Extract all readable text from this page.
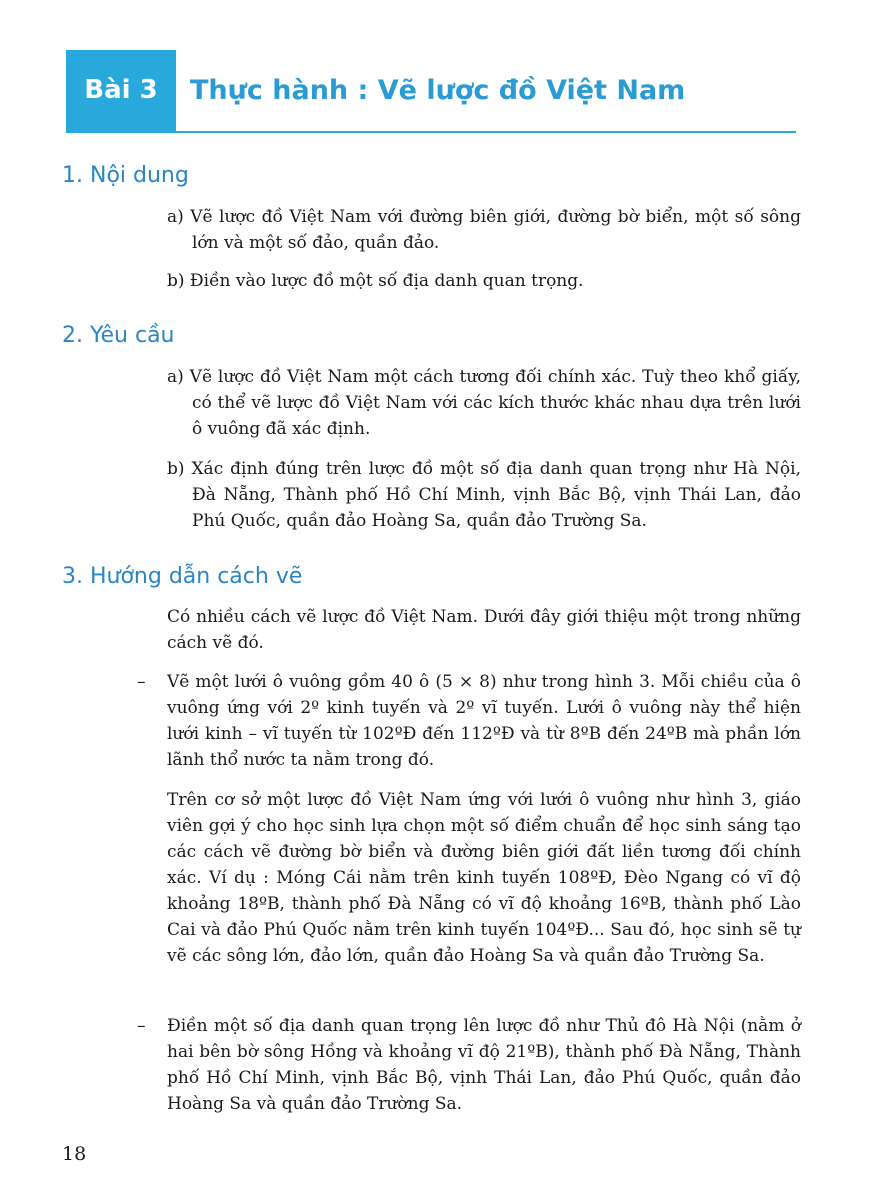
Bài 3	Thực hành : Vẽ lược đồ Việt Nam
1. Nội dung

a) Vẽ lược đồ Việt Nam với đường biên giới, đường bờ biển, một số sông lớn và một số đảo, quần đảo.

b) Điền vào lược đồ một số địa danh quan trọng.

2. Yêu cầu

a) Vẽ lược đồ Việt Nam một cách tương đối chính xác. Tuỳ theo khổ giấy, có thể vẽ lược đồ Việt Nam với các kích thước khác nhau dựa trên lưới ô vuông đã xác định.

b) Xác định đúng trên lược đồ một số địa danh quan trọng như Hà Nội, Đà Nẵng, Thành phố Hồ Chí Minh, vịnh Bắc Bộ, vịnh Thái Lan, đảo Phú Quốc, quần đảo Hoàng Sa, quần đảo Trường Sa.

3. Hướng dẫn cách vẽ

Có nhiều cách vẽ lược đồ Việt Nam. Dưới đây giới thiệu một trong những cách vẽ đó.

– Vẽ một lưới ô vuông gồm 40 ô (5 × 8) như trong hình 3. Mỗi chiều của ô vuông ứng với 2º kinh tuyến và 2º vĩ tuyến. Lưới ô vuông này thể hiện lưới kinh – vĩ tuyến từ 102ºĐ đến 112ºĐ và từ 8ºB đến 24ºB mà phần lớn lãnh thổ nước ta nằm trong đó.

Trên cơ sở một lược đồ Việt Nam ứng với lưới ô vuông như hình 3, giáo viên gợi ý cho học sinh lựa chọn một số điểm chuẩn để học sinh sáng tạo các cách vẽ đường bờ biển và đường biên giới đất liền tương đối chính xác. Ví dụ : Móng Cái nằm trên kinh tuyến 108ºĐ, Đèo Ngang có vĩ độ khoảng 18ºB, thành phố Đà Nẵng có vĩ độ khoảng 16ºB, thành phố Lào Cai và đảo Phú Quốc nằm trên kinh tuyến 104ºĐ... Sau đó, học sinh sẽ tự vẽ các sông lớn, đảo lớn, quần đảo Hoàng Sa và quần đảo Trường Sa.

– Điền một số địa danh quan trọng lên lược đồ như Thủ đô Hà Nội (nằm ở hai bên bờ sông Hồng và khoảng vĩ độ 21ºB), thành phố Đà Nẵng, Thành phố Hồ Chí Minh, vịnh Bắc Bộ, vịnh Thái Lan, đảo Phú Quốc, quần đảo Hoàng Sa và quần đảo Trường Sa.

18
